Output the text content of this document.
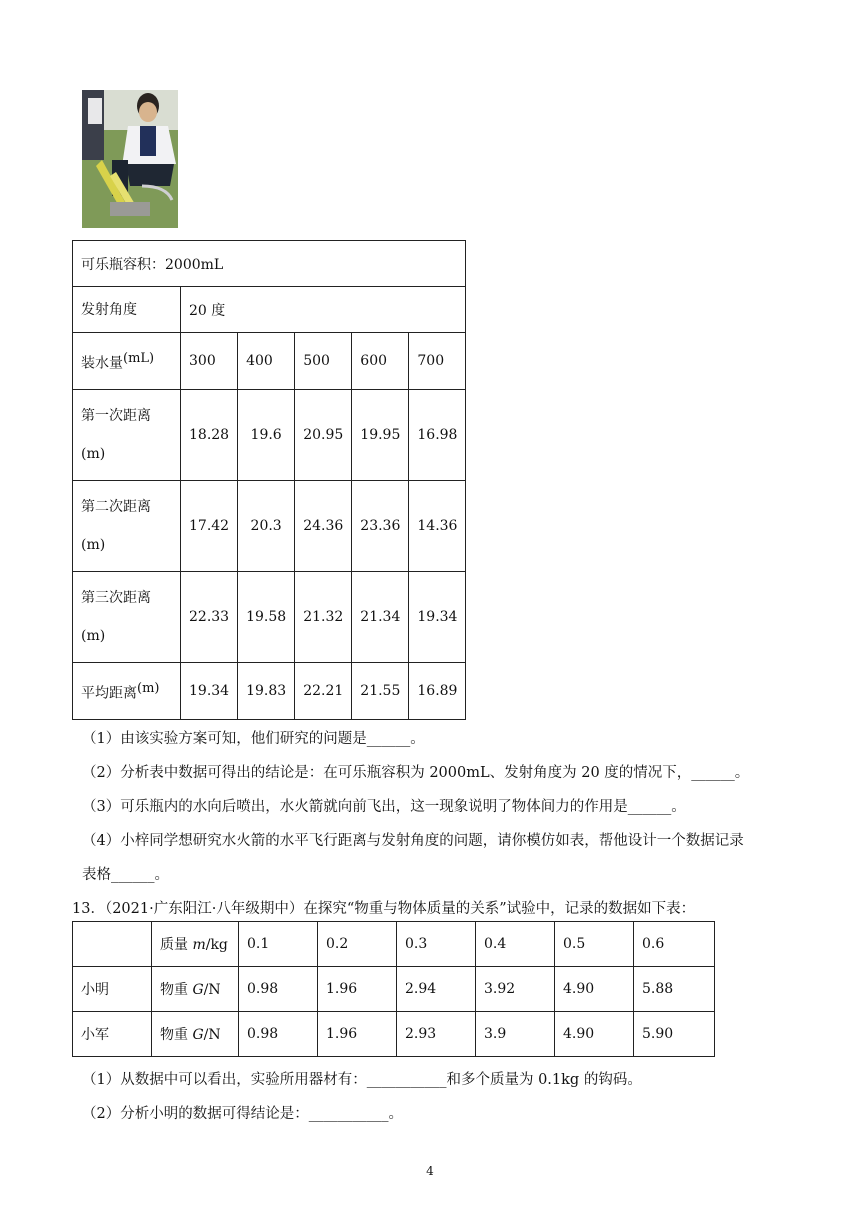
可乐瓶容积：2000mL					
发射角度	20 度				
装水量$^{(mL)}$	300	400	500	600	700

第一次距离
(m)	18.28	19.6	20.95	19.95	16.98

第二次距离
(m)	17.42	20.3	24.36	23.36	14.36

第三次距离
(m)	22.33	19.58	21.32	21.34	19.34
平均距离$^{(m)}$	19.34	19.83	22.21	21.55	16.89
（1）由该实验方案可知，他们研究的问题是______。
（2）分析表中数据可得出的结论是：在可乐瓶容积为 2000mL、发射角度为 20 度的情况下，______。
（3）可乐瓶内的水向后喷出，水火箭就向前飞出，这一现象说明了物体间力的作用是______。
（4）小梓同学想研究水火箭的水平飞行距离与发射角度的问题，请你模仿如表，帮他设计一个数据记录
表格______。
13．（2021·广东阳江·八年级期中）在探究“物重与物体质量的关系”试验中，记录的数据如下表：
	质量 m/kg	0.1	0.2	0.3	0.4	0.5	0.6
小明	物重 G/N	0.98	1.96	2.94	3.92	4.90	5.88
小军	物重 G/N	0.98	1.96	2.93	3.9	4.90	5.90
（1）从数据中可以看出，实验所用器材有：___________和多个质量为 0.1kg 的钩码。
（2）分析小明的数据可得结论是：___________。
4
